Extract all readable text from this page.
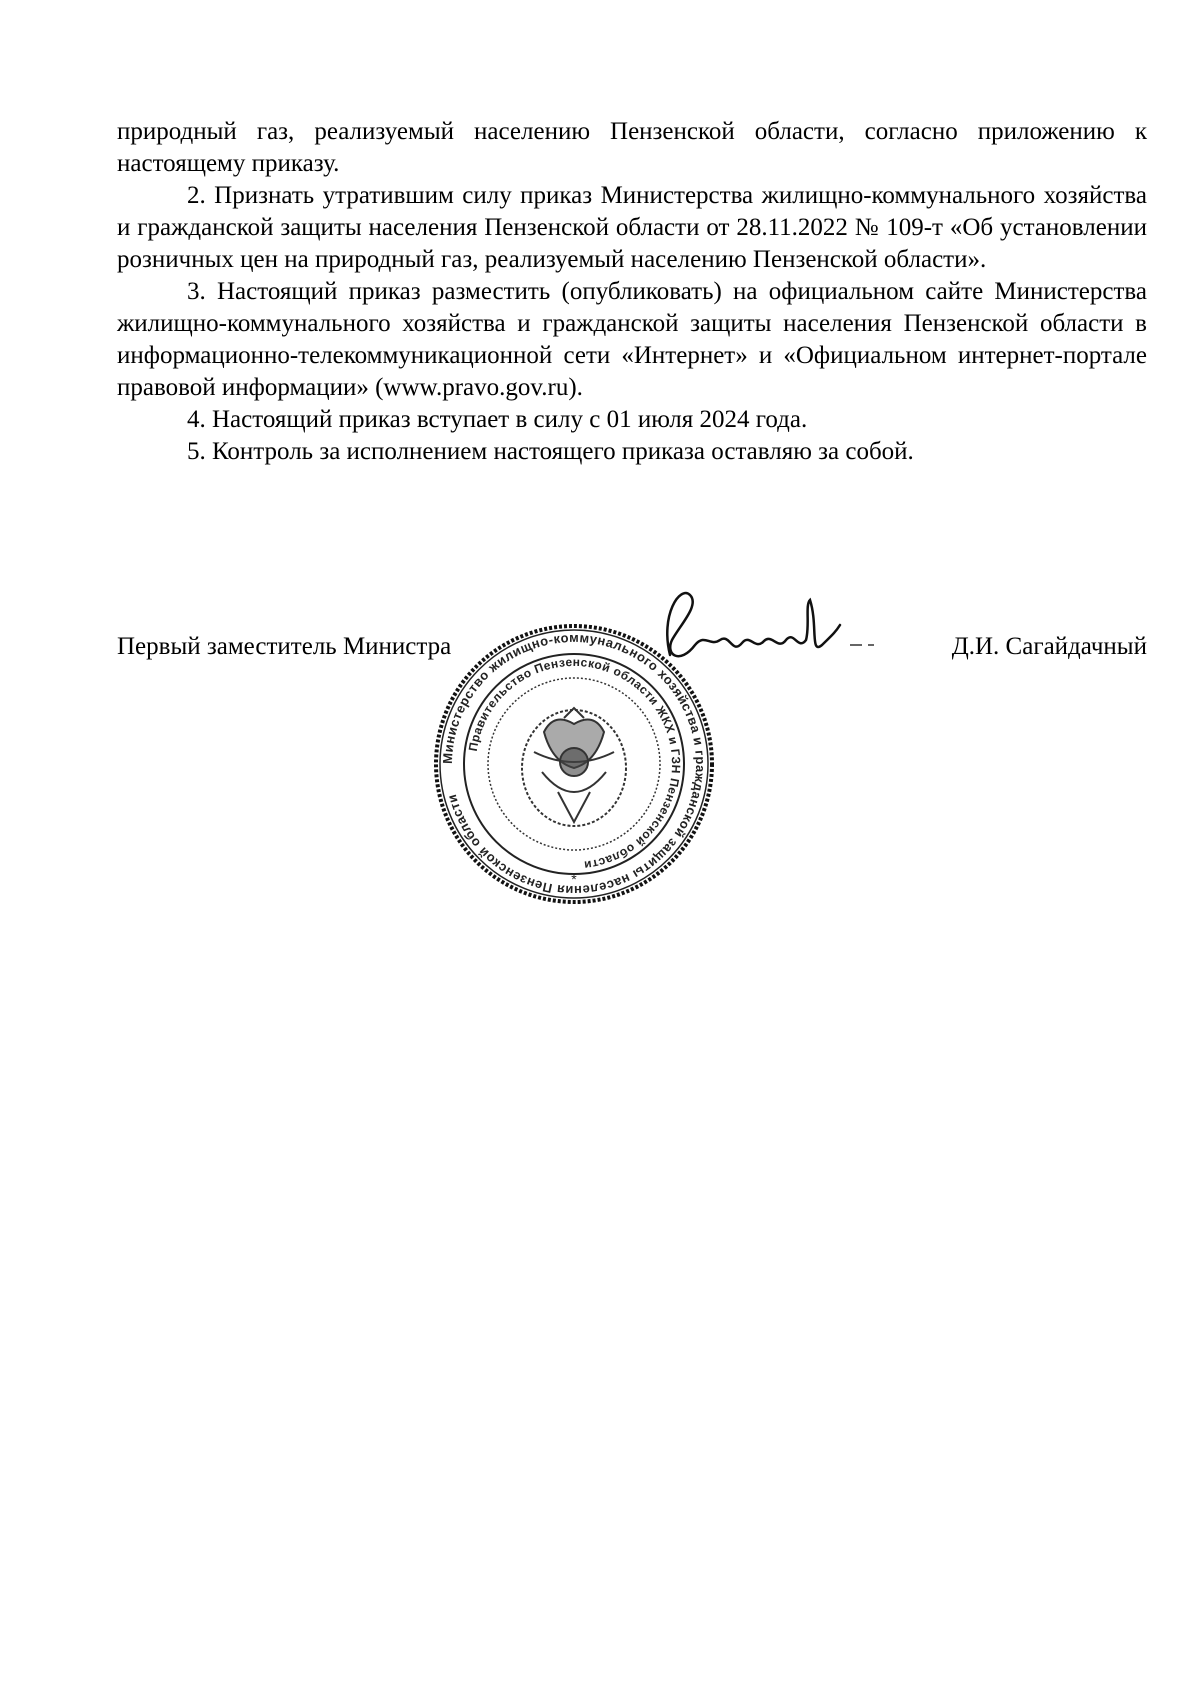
природный газ, реализуемый населению Пензенской области, согласно приложению к настоящему приказу.

2. Признать утратившим силу приказ Министерства жилищно-коммунального хозяйства и гражданской защиты населения Пензенской области от 28.11.2022 № 109-т «Об установлении розничных цен на природный газ, реализуемый населению Пензенской области».

3. Настоящий приказ разместить (опубликовать) на официальном сайте Министерства жилищно-коммунального хозяйства и гражданской защиты населения Пензенской области в информационно-телекоммуникационной сети «Интернет» и «Официальном интернет-портале правовой информации» (www.pravo.gov.ru).

4. Настоящий приказ вступает в силу с 01 июля 2024 года.

5. Контроль за исполнением настоящего приказа оставляю за собой.

Первый заместитель Министра	Д.И. Сагайдачный
Министерство жилищно-коммунального хозяйства и гражданской защиты населения Пензенской области
Правительство Пензенской области ЖКХ и ГЗН Пензенской области
*
